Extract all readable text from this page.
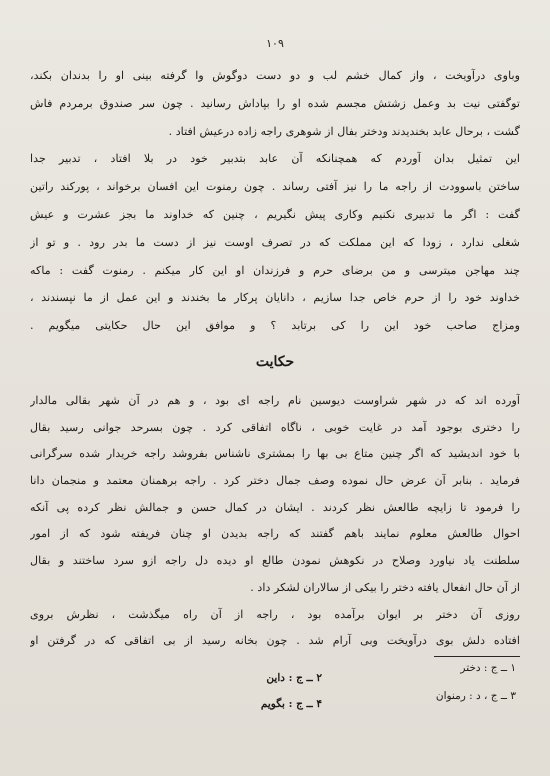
۱۰۹
وباوی درآویخت ، واز کمال خشم لب و دو دست دوگوش وا گرفته بینی او را بدندان بکند،
توگفتی نیت بد وعمل زشتش مجسم شده او را بپاداش رسانید . چون سر صندوق برمردم فاش
گشت ، برحال عابد بخندیدند ودختر بفال از شوهری راجه زاده درعیش افتاد .
این تمثیل بدان آوردم که همچنانکه آن عابد بتدبیر خود در بلا افتاد ، تدبیر جدا
ساختن باسوودت از راجه ما را نیز آفتی رساند . چون رمنوت این افسان برخواند ، پورکند راتین
گفت : اگر ما تدبیری نکنیم وکاری پیش نگیریم ، چنین که خداوند ما بجز عشرت و عیش
شغلی ندارد ، زودا که این مملکت که در تصرف اوست نیز از دست ما بدر رود . و تو از
چند مهاجن میترسی و من برضای حرم و فرزندان او این کار میکنم . رمنوت گفت : ماکه
خداوند خود را از حرم خاص جدا سازیم ، دانایان پرکار ما بخندند و این عمل از ما نپسندند ،
ومزاج صاحب خود این را کی برتابد ؟ و موافق این حال حکایتی میگویم .
حکایت
آورده اند که در شهر شراوست دیوسین نام راجه ای بود ، و هم در آن شهر بقالی مالدار
را دختری بوجود آمد در غایت خوبی ، ناگاه اتفاقی کرد . چون بسرحد جوانی رسید بقال
با خود اندیشید که اگر چنین متاع بی بها را بمشتری ناشناس بفروشد راجه خریدار شده سرگرانی
فرماید . بنابر آن عرض حال نموده وصف جمال دختر کرد . راجه برهمنان معتمد و منجمان دانا
را فرمود تا زایچه طالعش نظر کردند . ایشان در کمال حسن و جمالش نظر کرده پی آنکه
احوال طالعش معلوم نمایند باهم گفتند که راجه بدیدن او چنان فریفته شود که از امور
سلطنت یاد نیاورد وصلاح در نکوهش نمودن طالع او دیده دل راجه ازو سرد ساختند و بقال
از آن حال انفعال یافته دختر را بیکی از سالاران لشکر داد .
روزی آن دختر بر ایوان برآمده بود ، راجه از آن راه میگذشت ، نظرش بروی
افتاده دلش بوی درآویخت وبی آرام شد . چون بخانه رسید از بی اتفاقی که در گرفتن او
۱ ــ ج : دختر
۳ ــ ج ، د : رمنوان
۲ ــ ج : داین
۴ ــ ج : بگویم
